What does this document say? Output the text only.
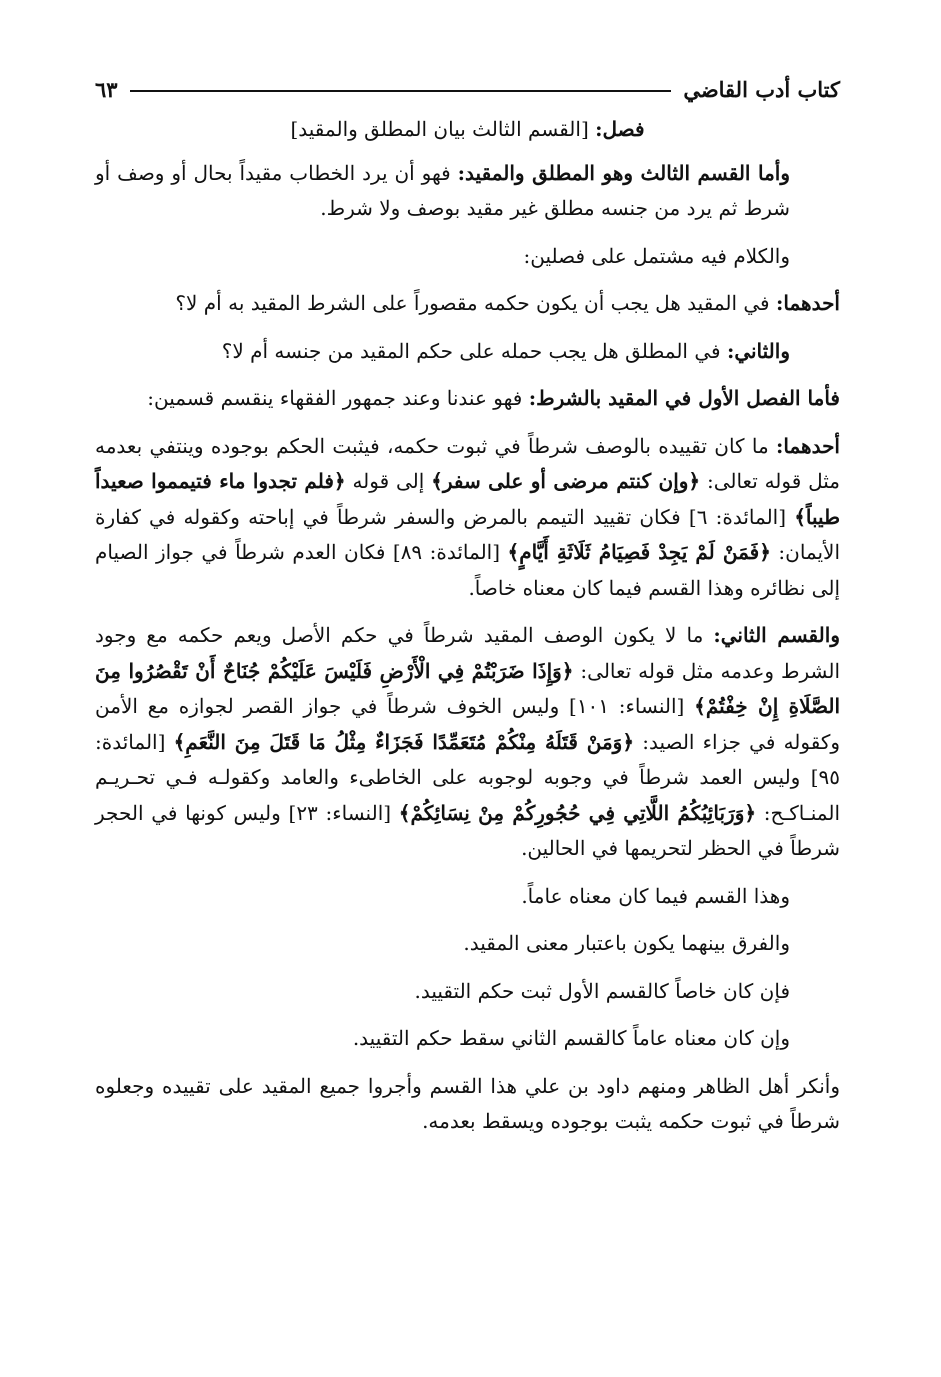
كتاب أدب القاضي
٦٣

فصل: [القسم الثالث بيان المطلق والمقيد]

وأما القسم الثالث وهو المطلق والمقيد: فهو أن يرد الخطاب مقيداً بحال أو وصف أو شرط ثم يرد من جنسه مطلق غير مقيد بوصف ولا شرط.

والكلام فيه مشتمل على فصلين:

أحدهما: في المقيد هل يجب أن يكون حكمه مقصوراً على الشرط المقيد به أم لا؟

والثاني: في المطلق هل يجب حمله على حكم المقيد من جنسه أم لا؟

فأما الفصل الأول في المقيد بالشرط: فهو عندنا وعند جمهور الفقهاء ينقسم قسمين:

أحدهما: ما كان تقييده بالوصف شرطاً في ثبوت حكمه، فيثبت الحكم بوجوده وينتفي بعدمه مثل قوله تعالى: ﴿وإن كنتم مرضى أو على سفر﴾ إلى قوله ﴿فلم تجدوا ماء فتيمموا صعيداً طيباً﴾ [المائدة: ٦] فكان تقييد التيمم بالمرض والسفر شرطاً في إباحته وكقوله في كفارة الأيمان: ﴿فَمَنْ لَمْ يَجِدْ فَصِيَامُ ثَلَاثَةِ أَيَّامٍ﴾ [المائدة: ٨٩] فكان العدم شرطاً في جواز الصيام إلى نظائره وهذا القسم فيما كان معناه خاصاً.

والقسم الثاني: ما لا يكون الوصف المقيد شرطاً في حكم الأصل ويعم حكمه مع وجود الشرط وعدمه مثل قوله تعالى: ﴿وَإِذَا ضَرَبْتُمْ فِي الْأَرْضِ فَلَيْسَ عَلَيْكُمْ جُنَاحٌ أَنْ تَقْصُرُوا مِنَ الصَّلَاةِ إِنْ خِفْتُمْ﴾ [النساء: ١٠١] وليس الخوف شرطاً في جواز القصر لجوازه مع الأمن وكقوله في جزاء الصيد: ﴿وَمَنْ قَتَلَهُ مِنْكُمْ مُتَعَمِّدًا فَجَزَاءٌ مِثْلُ مَا قَتَلَ مِنَ النَّعَمِ﴾ [المائدة: ٩٥] وليس العمد شرطاً في وجوبه لوجوبه على الخاطىء والعامد وكقولـه فـي تحـريـم المنـاكـح: ﴿وَرَبَائِبُكُمُ اللَّاتِي فِي حُجُورِكُمْ مِنْ نِسَائِكُمْ﴾ [النساء: ٢٣] وليس كونها في الحجر شرطاً في الحظر لتحريمها في الحالين.

وهذا القسم فيما كان معناه عاماً.

والفرق بينهما يكون باعتبار معنى المقيد.

فإن كان خاصاً كالقسم الأول ثبت حكم التقييد.

وإن كان معناه عاماً كالقسم الثاني سقط حكم التقييد.

وأنكر أهل الظاهر ومنهم داود بن علي هذا القسم وأجروا جميع المقيد على تقييده وجعلوه شرطاً في ثبوت حكمه يثبت بوجوده ويسقط بعدمه.
